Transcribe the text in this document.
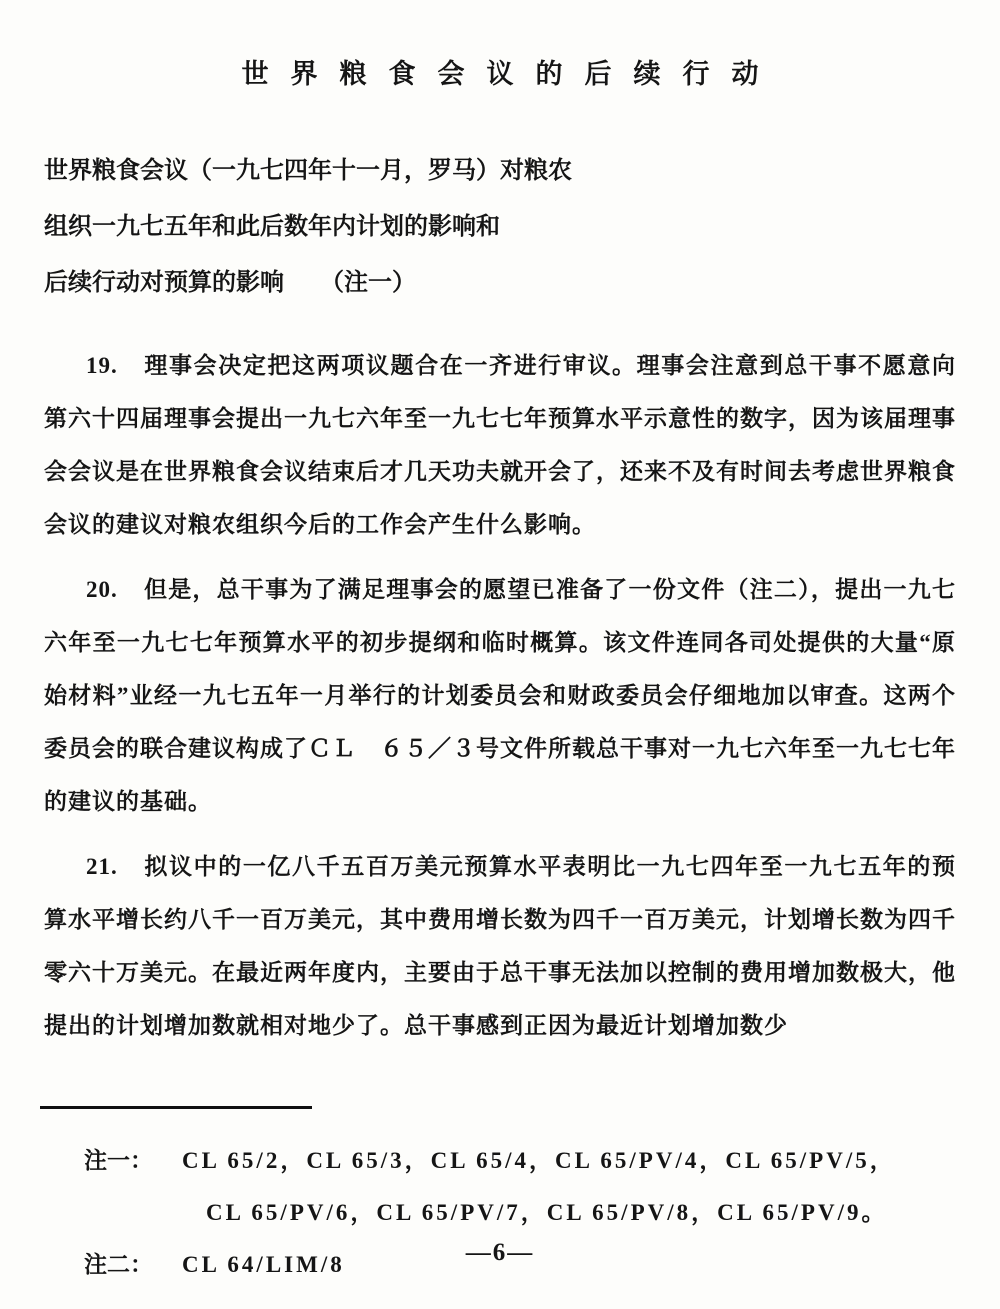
世界粮食会议的后续行动
世界粮食会议（一九七四年十一月，罗马）对粮农
组织一九七五年和此后数年内计划的影响和
后续行动对预算的影响　　（注一）
19. 理事会决定把这两项议题合在一齐进行审议。理事会注意到总干事不愿意向第六十四届理事会提出一九七六年至一九七七年预算水平示意性的数字，因为该届理事会会议是在世界粮食会议结束后才几天功夫就开会了，还来不及有时间去考虑世界粮食会议的建议对粮农组织今后的工作会产生什么影响。
20. 但是，总干事为了满足理事会的愿望已准备了一份文件（注二），提出一九七六年至一九七七年预算水平的初步提纲和临时概算。该文件连同各司处提供的大量“原始材料”业经一九七五年一月举行的计划委员会和财政委员会仔细地加以审查。这两个委员会的联合建议构成了ＣＬ　６５／３号文件所载总干事对一九七六年至一九七七年的建议的基础。
21. 拟议中的一亿八千五百万美元预算水平表明比一九七四年至一九七五年的预算水平增长约八千一百万美元，其中费用增长数为四千一百万美元，计划增长数为四千零六十万美元。在最近两年度内，主要由于总干事无法加以控制的费用增加数极大，他提出的计划增加数就相对地少了。总干事感到正因为最近计划增加数少
注一：	CL 65/2，CL 65/3，CL 65/4，CL 65/PV/4，CL 65/PV/5，
CL 65/PV/6，CL 65/PV/7，CL 65/PV/8，CL 65/PV/9。
注二：	CL 64/LIM/8	—6—
